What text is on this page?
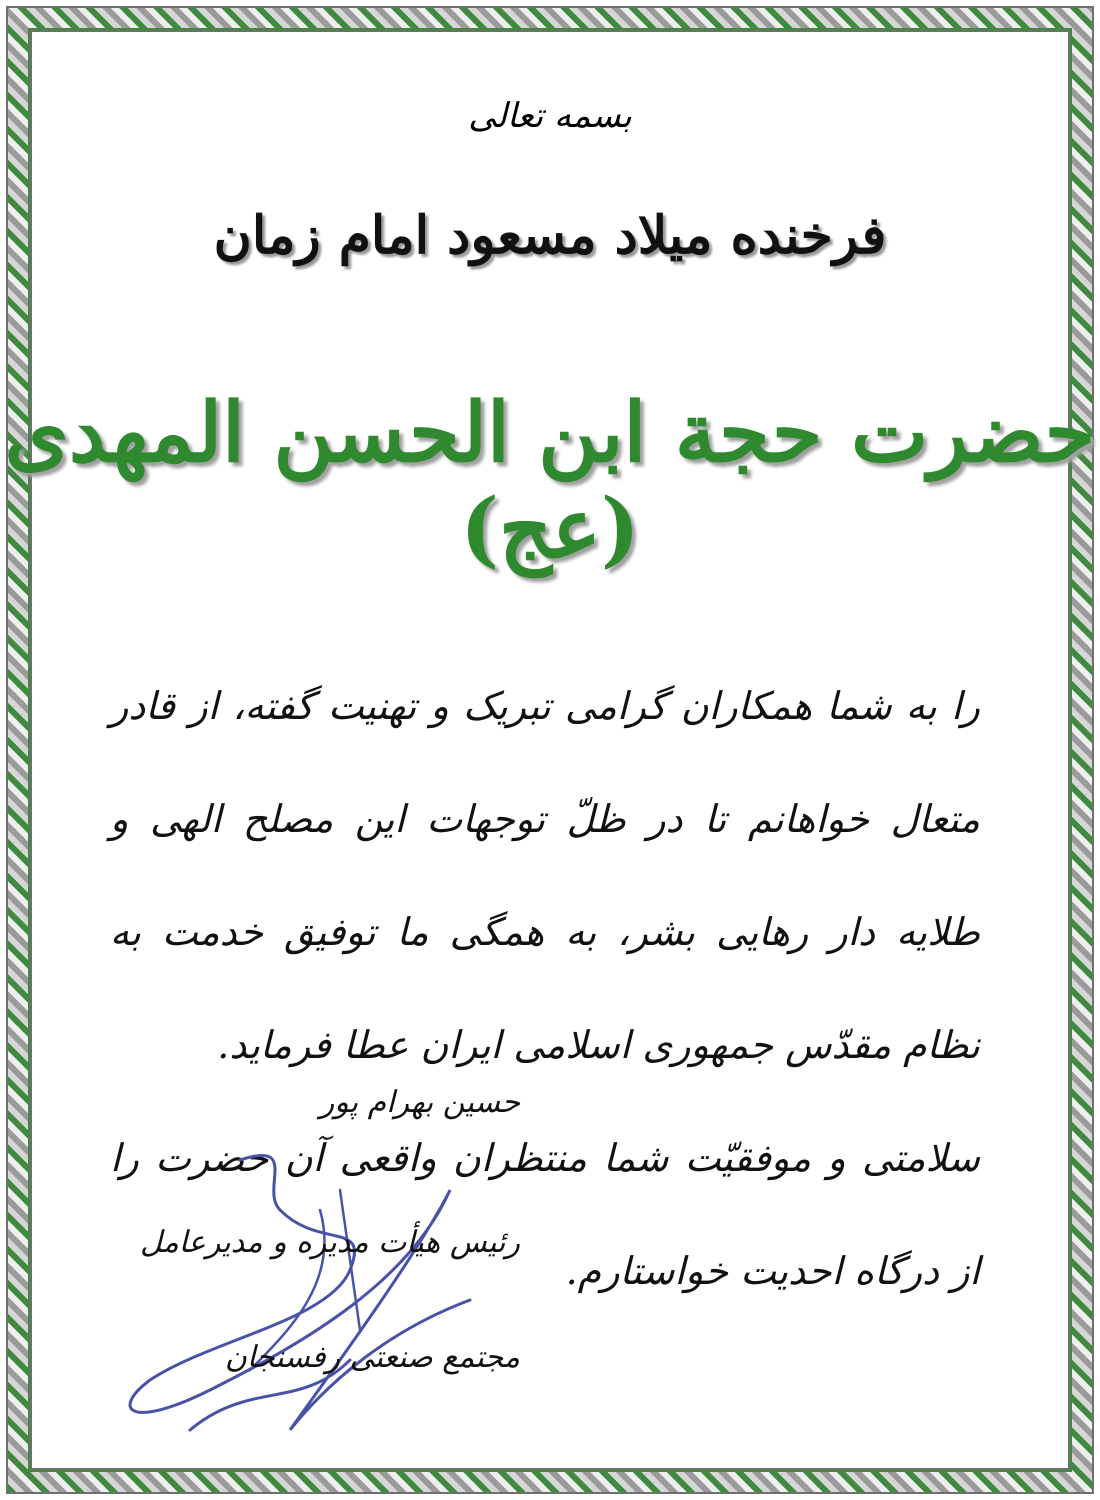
بسمه تعالی
فرخنده میلاد مسعود امام زمان
حضرت حجة ابن الحسن المهدی (عج)

را به شما همکاران گرامی تبریک و تهنیت گفته، از قادر متعال خواهانم تا در ظلّ توجهات این مصلح الهی و طلایه دار رهایی بشر، به همگی ما توفیق خدمت به نظام مقدّس جمهوری اسلامی ایران عطا فرماید.

سلامتی و موفقیّت شما منتظران واقعی آن حضرت را از درگاه احدیت خواستارم.

حسین بهرام پور
رئیس هیأت مدیره و مدیرعامل
مجتمع صنعتی رفسنجان
